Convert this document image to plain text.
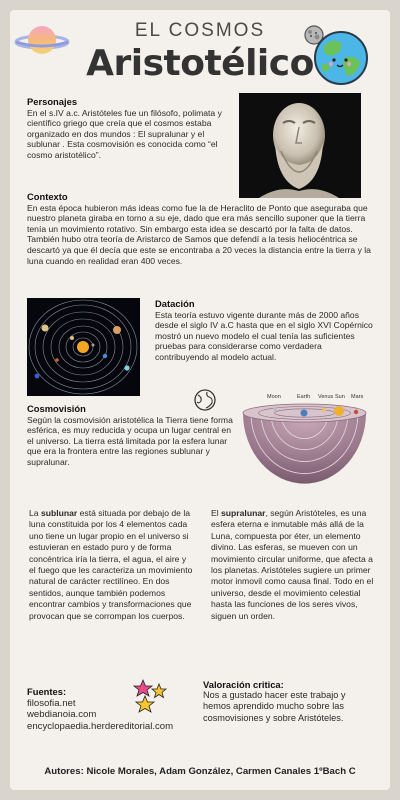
EL COSMOS
Aristotélico
Personajes
En el s.IV a.c. Aristóteles fue un filósofo, polimata y científico griego que creía que el cosmos estaba organizado en dos mundos : El supralunar y el sublunar . Esta cosmovisión es conocida como “el cosmo aristotélico”.
Contexto
En esta época hubieron más ideas como fue la de Heraclito de Ponto que aseguraba que nuestro planeta giraba en torno a su eje, dado que era más sencillo suponer que la tierra tenía un movimiento rotativo. Sin embargo esta idea se descartó por la falta de datos. También hubo otra teoría de Aristarco de Samos que defendí a la tesis heliocéntrica se descartó ya que él decía que este se encontraba a 20 veces la distancia entre la tierra y la luna cuando en realidad eran 400 veces.
Datación
Esta teoría estuvo vigente durante más de 2000 años desde el siglo IV a.C hasta que en el siglo XVI Copérnico mostró un nuevo modelo el cual tenía las suficientes pruebas para considerarse como verdadera contribuyendo al modelo actual.
Cosmovisión
Según la cosmovisión aristotélica la Tierra tiene forma esférica, es muy reducida y ocupa un lugar central en el universo. La tierra está limitada por la esfera lunar que era la frontera entre las regiones sublunar y supralunar.
Moon	Earth Venus Sun Mars
La sublunar está situada por debajo de la luna constituida por los 4 elementos cada uno tiene un lugar propio en el universo si estuvieran en estado puro y de forma concéntrica iría la tierra, el agua, el aire y el fuego que les caracteriza un movimiento natural de carácter rectilíneo. En dos sentidos, aunque también podemos encontrar cambios y transformaciones que provocan que se corrompan los cuerpos.
El supralunar, según Aristóteles, es una esfera eterna e inmutable más allá de la Luna, compuesta por éter, un elemento divino. Las esferas, se mueven con un movimiento circular uniforme, que afecta a los planetas. Aristóteles sugiere un primer motor inmovil como causa final. Todo en el universo, desde el movimiento celestial hasta las funciones de los seres vivos, siguen un orden.
Fuentes:
filosofia.net
webdianoia.com
encyclopaedia.herdereditorial.com
Valoración critica:
Nos a gustado hacer este trabajo y hemos aprendido mucho sobre las cosmovisiones y sobre Aristóteles.
Autores: Nicole Morales, Adam González, Carmen Canales 1ºBach C
